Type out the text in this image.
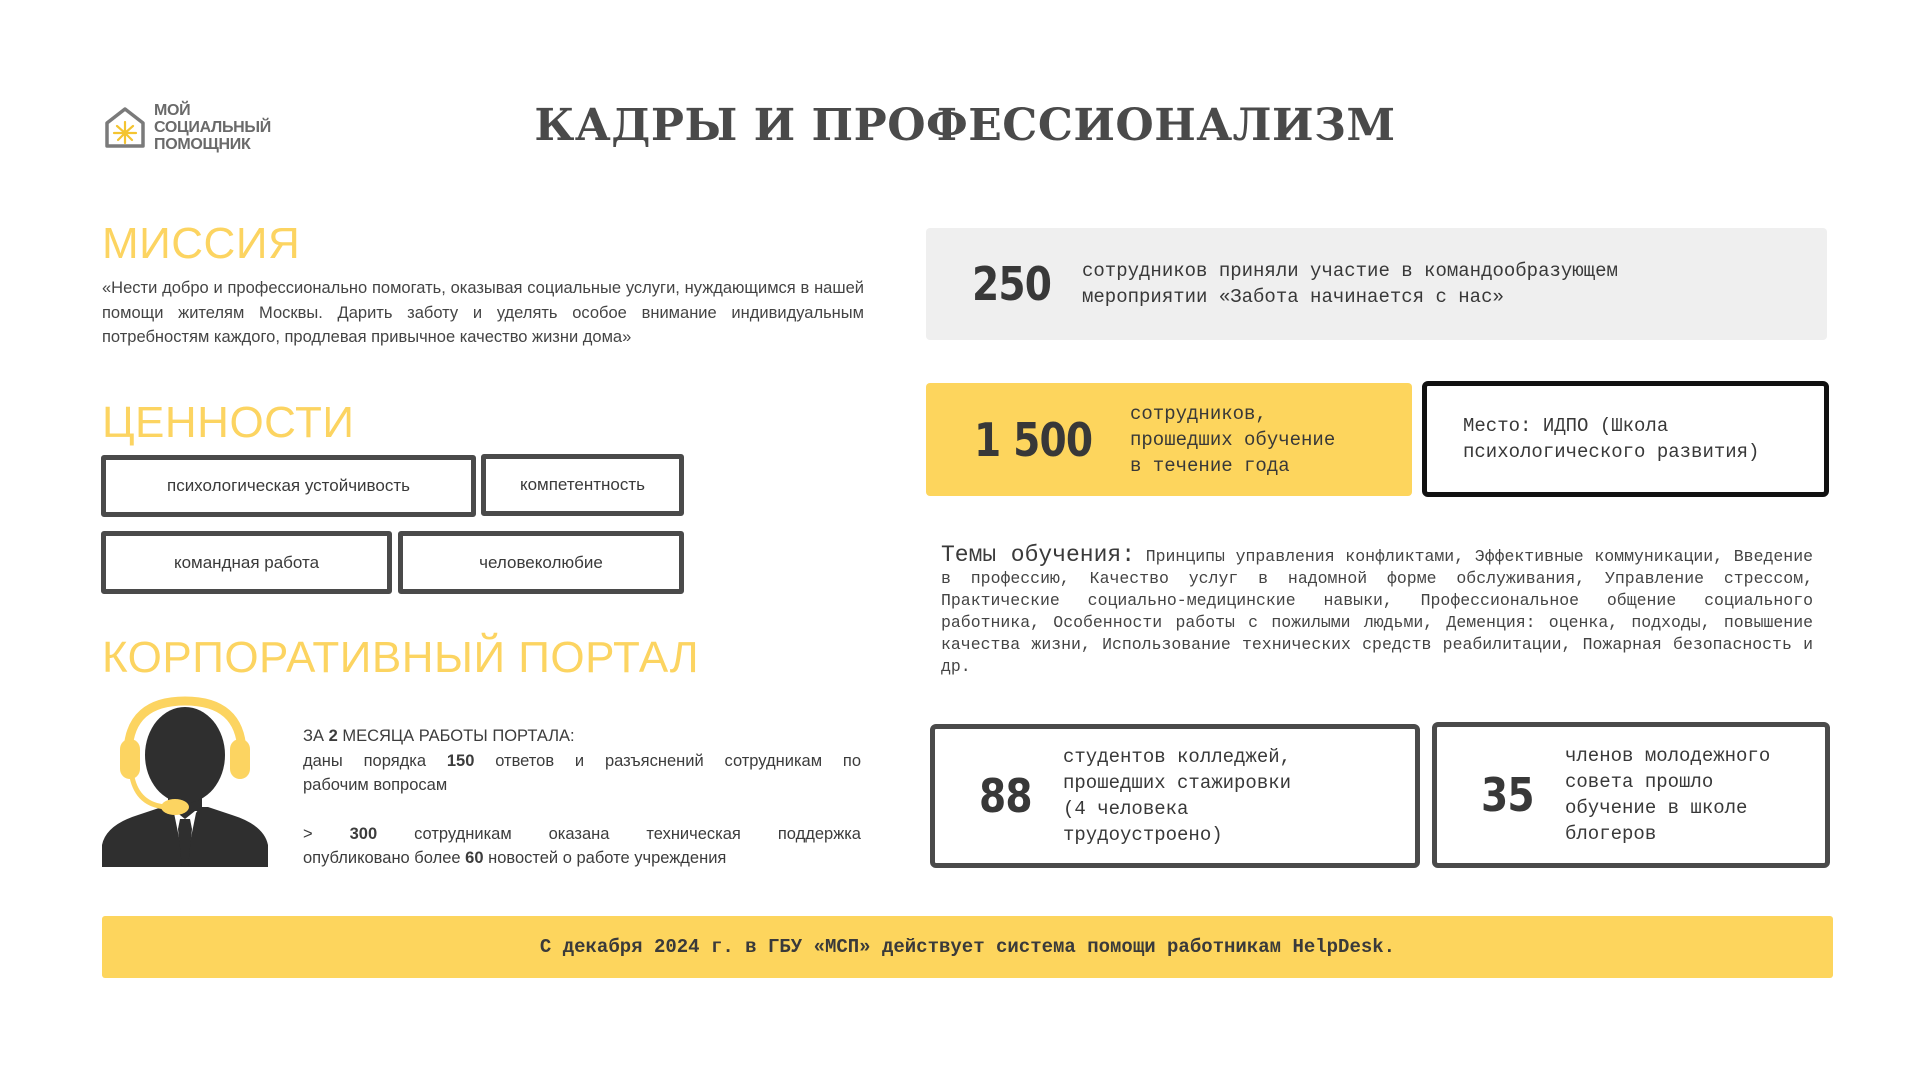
МОЙ СОЦИАЛЬНЫЙ
ПОМОЩНИК	КАДРЫ И ПРОФЕССИОНАЛИЗМ
МИССИЯ
«Нести добро и профессионально помогать, оказывая социальные услуги, нуждающимся в нашей помощи жителям Москвы. Дарить заботу и уделять особое внимание индивидуальным потребностям каждого, продлевая привычное качество жизни дома»
ЦЕННОСТИ
психологическая устойчивость	компетентность
командная работа	человеколюбие
КОРПОРАТИВНЫЙ ПОРТАЛ
ЗА 2 МЕСЯЦА РАБОТЫ ПОРТАЛА:
даны порядка 150 ответов и разъяснений сотрудникам по
рабочим вопросам
> 300 сотрудникам оказана техническая поддержка
опубликовано более 60 новостей о работе учреждения
250	сотрудников приняли участие в командообразующем
мероприятии «Забота начинается с нас»
1 500	сотрудников,
прошедших обучение
в течение года
Место: ИДПО (Школа
психологического развития)
Темы обучения: Принципы управления конфликтами, Эффективные коммуникации, Введение в профессию, Качество услуг в надомной форме обслуживания, Управление стрессом, Практические социально-медицинские навыки, Профессиональное общение социального работника, Особенности работы с пожилыми людьми, Деменция: оценка, подходы, повышение качества жизни, Использование технических средств реабилитации, Пожарная безопасность и др.
88
студентов колледжей,
прошедших стажировки
(4 человека
трудоустроено)
35
членов молодежного
совета прошло
обучение в школе
блогеров
С декабря 2024 г. в ГБУ «МСП» действует система помощи работникам HelpDesk.
